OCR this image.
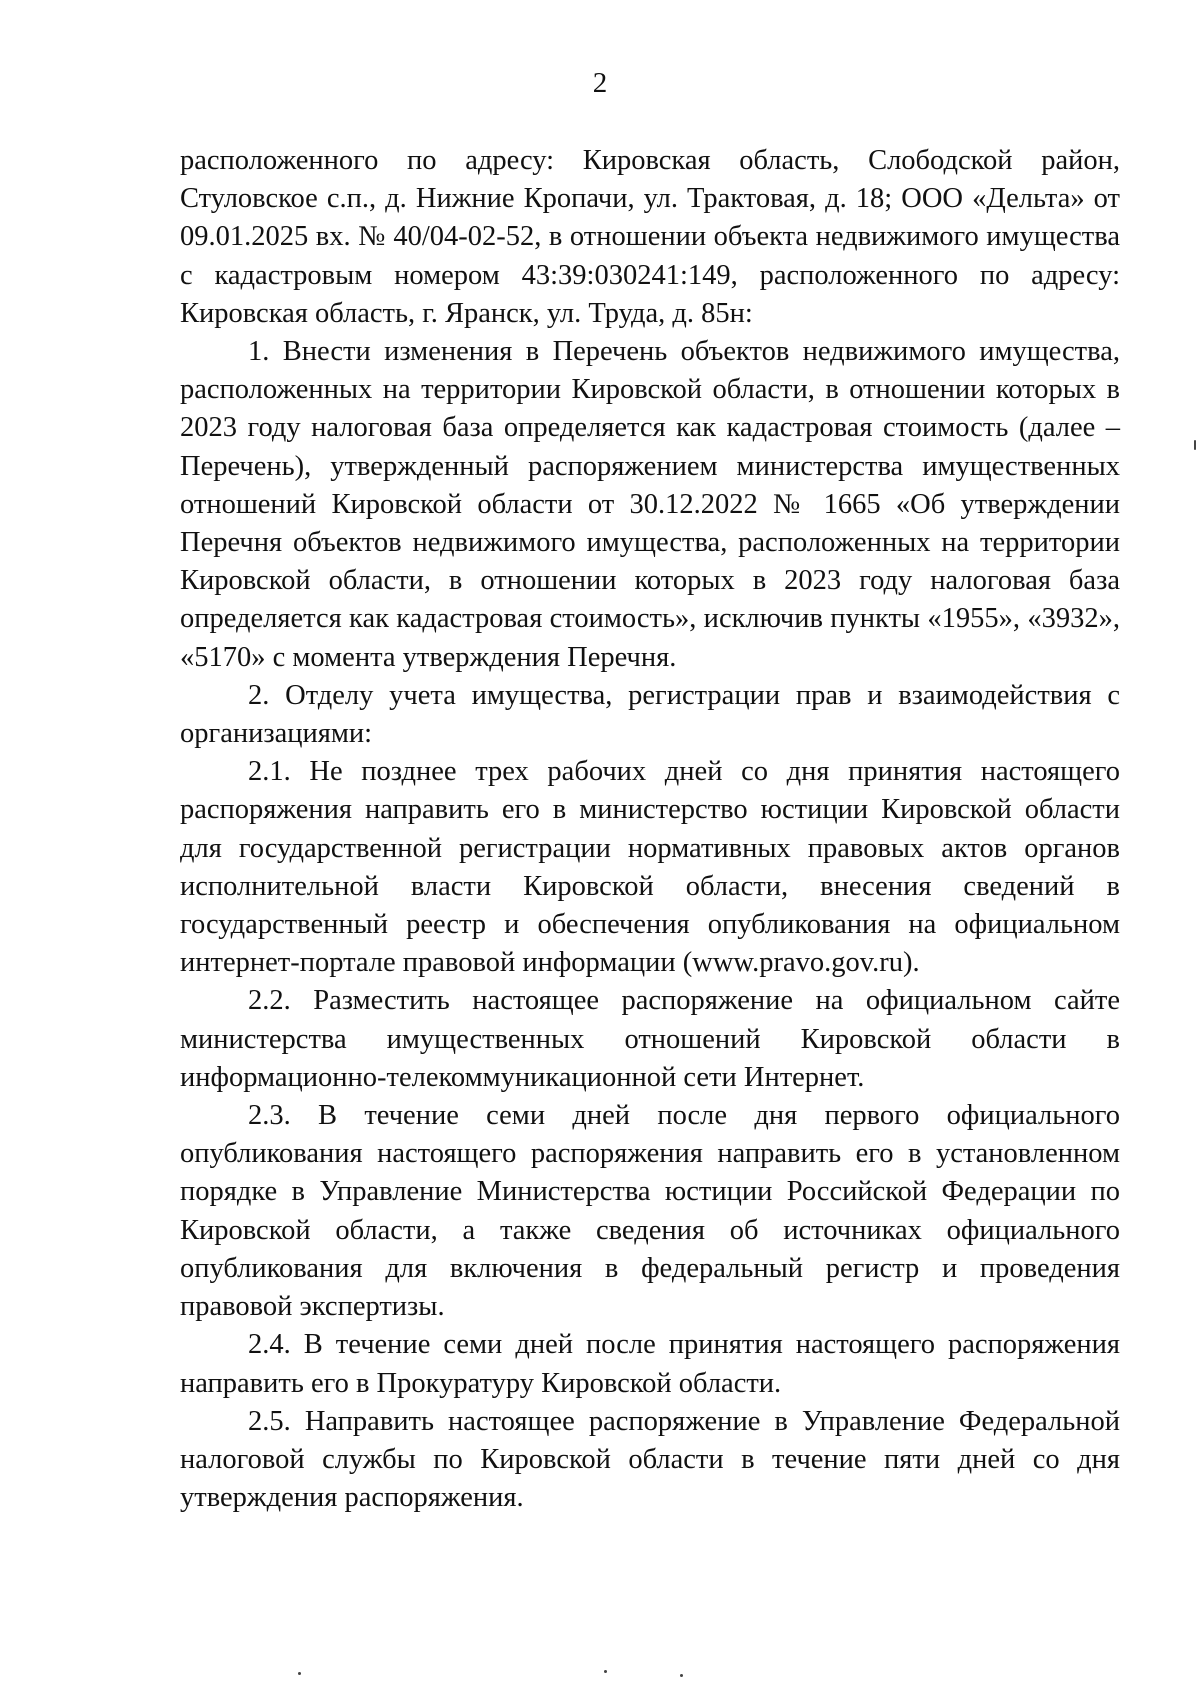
2

расположенного по адресу: Кировская область, Слободской район, Стуловское с.п., д. Нижние Кропачи, ул. Трактовая, д. 18; ООО «Дельта» от 09.01.2025 вх. № 40/04-02-52, в отношении объекта недвижимого имущества с кадастровым номером 43:39:030241:149, расположенного по адресу: Кировская область, г. Яранск, ул. Труда, д. 85н:

1. Внести изменения в Перечень объектов недвижимого имущества, расположенных на территории Кировской области, в отношении которых в 2023 году налоговая база определяется как кадастровая стоимость (далее – Перечень), утвержденный распоряжением министерства имущественных отношений Кировской области от 30.12.2022 № 1665 «Об утверждении Перечня объектов недвижимого имущества, расположенных на территории Кировской области, в отношении которых в 2023 году налоговая база определяется как кадастровая стоимость», исключив пункты «1955», «3932», «5170» с момента утверждения Перечня.

2. Отделу учета имущества, регистрации прав и взаимодействия с организациями:

2.1. Не позднее трех рабочих дней со дня принятия настоящего распоряжения направить его в министерство юстиции Кировской области для государственной регистрации нормативных правовых актов органов исполнительной власти Кировской области, внесения сведений в государственный реестр и обеспечения опубликования на официальном интернет-портале правовой информации (www.pravo.gov.ru).

2.2. Разместить настоящее распоряжение на официальном сайте министерства имущественных отношений Кировской области в информационно-телекоммуникационной сети Интернет.

2.3. В течение семи дней после дня первого официального опубликования настоящего распоряжения направить его в установленном порядке в Управление Министерства юстиции Российской Федерации по Кировской области, а также сведения об источниках официального опубликования для включения в федеральный регистр и проведения правовой экспертизы.

2.4. В течение семи дней после принятия настоящего распоряжения направить его в Прокуратуру Кировской области.

2.5. Направить настоящее распоряжение в Управление Федеральной налоговой службы по Кировской области в течение пяти дней со дня утверждения распоряжения.
